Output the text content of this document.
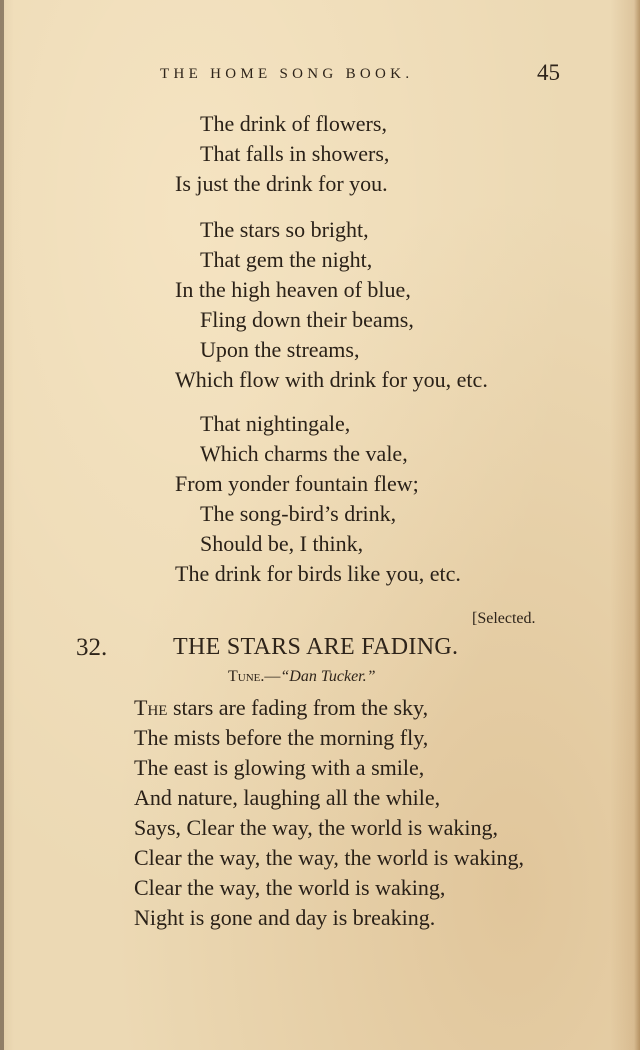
THE HOME SONG BOOK.	45
The drink of flowers,
That falls in showers,
Is just the drink for you.
The stars so bright,
That gem the night,
In the high heaven of blue,
Fling down their beams,
Upon the streams,
Which flow with drink for you, etc.
That nightingale,
Which charms the vale,
From yonder fountain flew;
The song-bird’s drink,
Should be, I think,
The drink for birds like you, etc.
[Selected.
32.	THE STARS ARE FADING.
Tune.—“Dan Tucker.”
The stars are fading from the sky,
The mists before the morning fly,
The east is glowing with a smile,
And nature, laughing all the while,
Says, Clear the way, the world is waking,
Clear the way, the way, the world is waking,
Clear the way, the world is waking,
Night is gone and day is breaking.
